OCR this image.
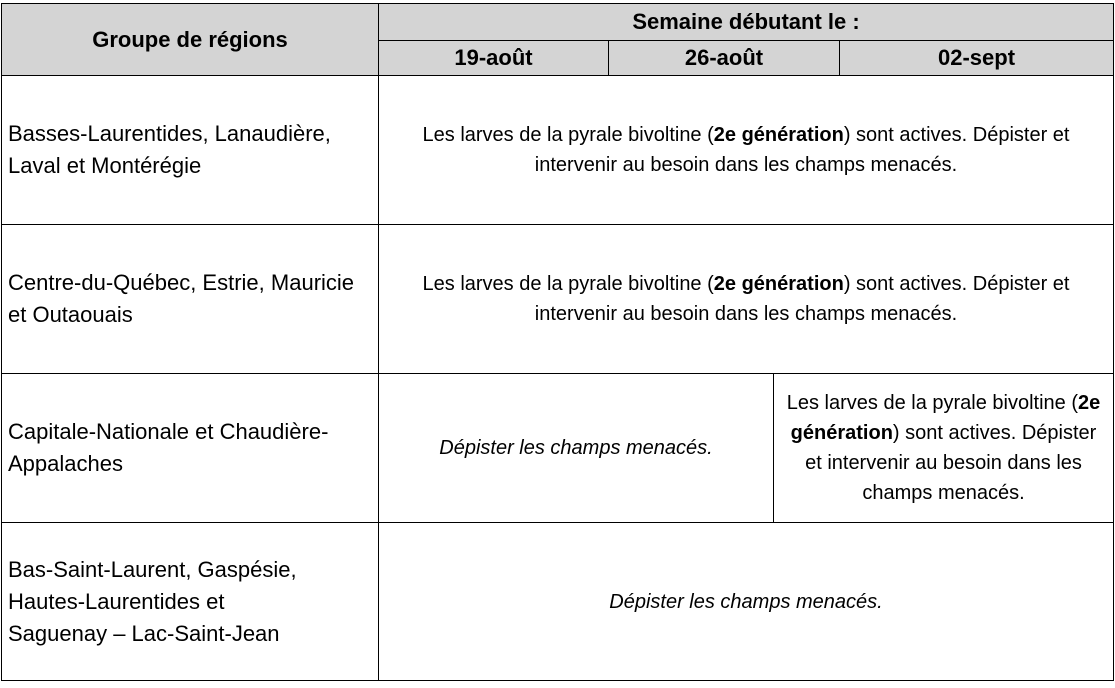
Groupe de régions	Semaine débutant le :			
	19-août	26-août		02-sept
Basses-Laurentides, Lanaudière, Laval et Montérégie	Les larves de la pyrale bivoltine (2e génération) sont actives. Dépister et intervenir au besoin dans les champs menacés.			
Centre-du-Québec, Estrie, Mauricie et Outaouais	Les larves de la pyrale bivoltine (2e génération) sont actives. Dépister et intervenir au besoin dans les champs menacés.			
Capitale-Nationale et Chaudière-Appalaches	Dépister les champs menacés.		Les larves de la pyrale bivoltine (2e génération) sont actives. Dépister et intervenir au besoin dans les champs menacés.	
Bas-Saint-Laurent, Gaspésie, Hautes-Laurentides et Saguenay – Lac-Saint-Jean	Dépister les champs menacés.			
